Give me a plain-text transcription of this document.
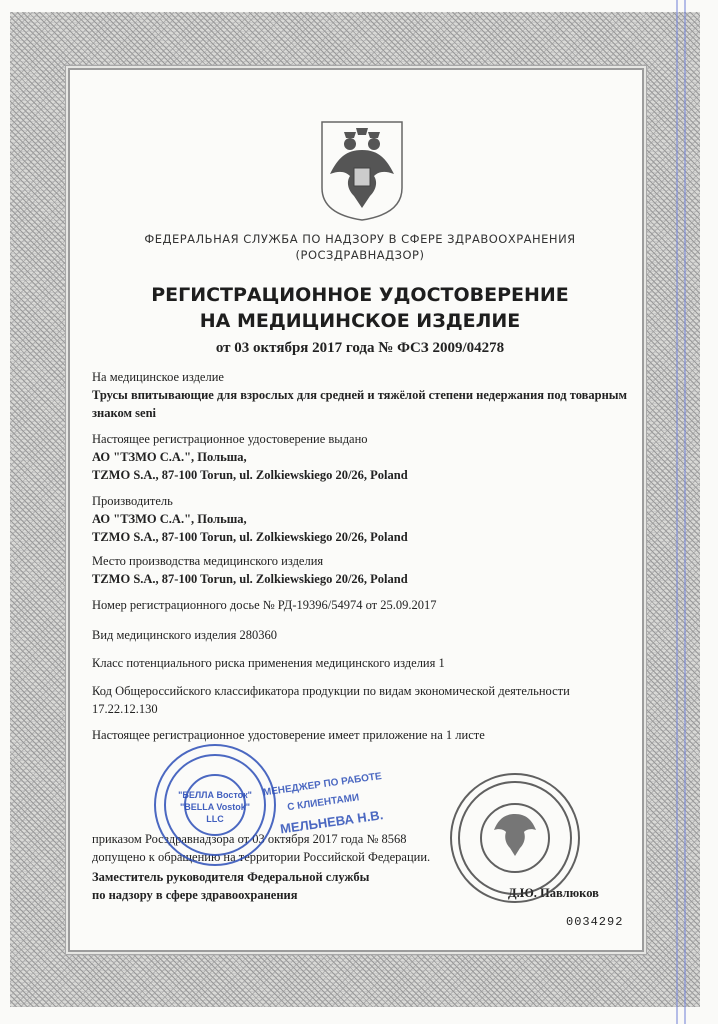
ФЕДЕРАЛЬНАЯ СЛУЖБА ПО НАДЗОРУ В СФЕРЕ ЗДРАВООХРАНЕНИЯ
(РОСЗДРАВНАДЗОР)
РЕГИСТРАЦИОННОЕ УДОСТОВЕРЕНИЕ
НА МЕДИЦИНСКОЕ ИЗДЕЛИЕ
от 03 октября 2017 года № ФСЗ 2009/04278
На медицинское изделие
Трусы впитывающие для взрослых для средней и тяжёлой степени недержания под товарным знаком seni
Настоящее регистрационное удостоверение выдано
АО "ТЗМО С.А.", Польша,
TZMO S.A., 87-100 Torun, ul. Zolkiewskiego 20/26, Poland
Производитель
АО "ТЗМО С.А.", Польша,
TZMO S.A., 87-100 Torun, ul. Zolkiewskiego 20/26, Poland
Место производства медицинского изделия
TZMO S.A., 87-100 Torun, ul. Zolkiewskiego 20/26, Poland
Номер регистрационного досье № РД-19396/54974 от 25.09.2017
Вид медицинского изделия 280360
Класс потенциального риска применения медицинского изделия 1
Код Общероссийского классификатора продукции по видам экономической деятельности 17.22.12.130
Настоящее регистрационное удостоверение имеет приложение на 1 листе
приказом Росздравнадзора от 03 октября 2017 года № 8568
допущено к обращению на территории Российской Федерации.
Заместитель руководителя Федеральной службы
по надзору в сфере здравоохранения	Д.Ю. Павлюков
0034292
"БЕЛЛА Восток"
"BELLA Vostok"
LLC
МЕНЕДЖЕР ПО РАБОТЕ
С КЛИЕНТАМИ
МЕЛЬНЕВА Н.В.
